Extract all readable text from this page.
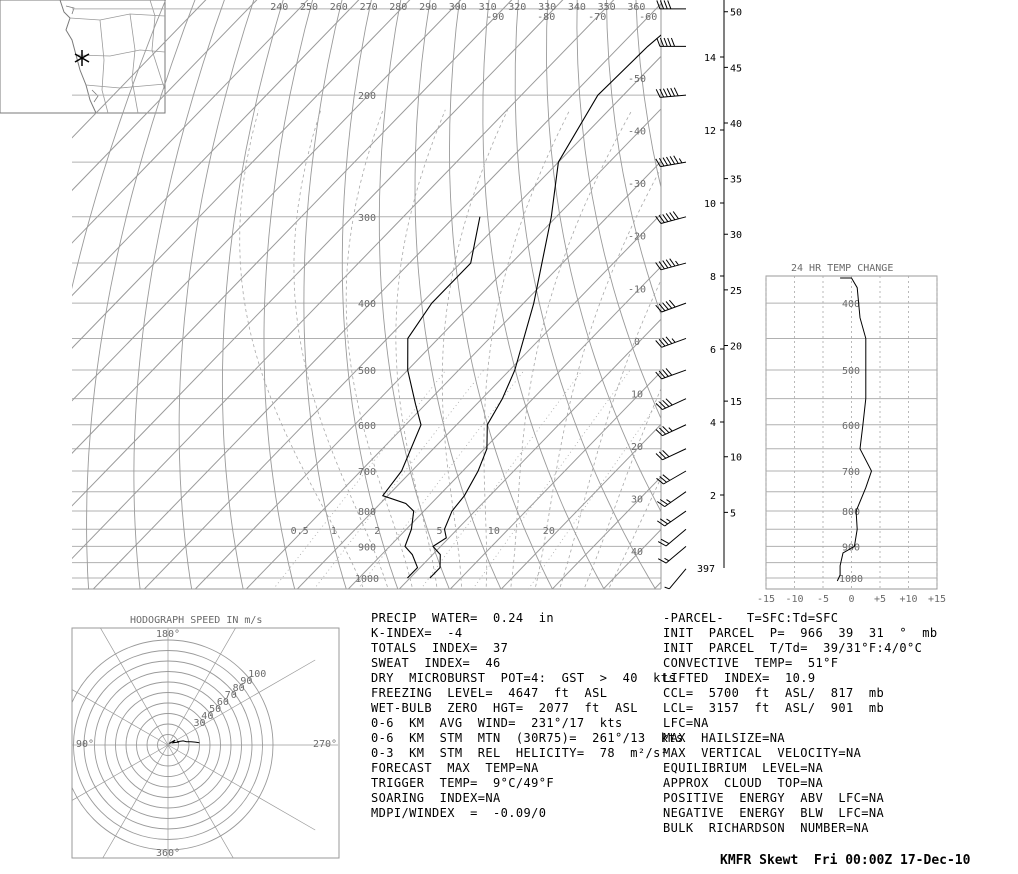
-90	-80	-70	-60
-50
-40
-30
-20
-10
0
10
20
30
40
200
300
400
500
600
700
800
900
1000
240 250 260 270 280 290 300 310 320 330 340 350 360
0.5 1	2	5	10	20
2
4
6
8
10
12
14
5
10
15
20
25
30
35
40
45
50
397
24 HR TEMP CHANGE
-15 -10 -5 0 +5 +10 +15
400
500
600
700
800
900
1000
HODOGRAPH SPEED IN m/s
30
40
50
60
70
80
90
100
180°
90°	270°
360°
PRECIP  WATER=  0.24  in
K-INDEX=  -4
TOTALS  INDEX=  37
SWEAT  INDEX=  46
DRY  MICROBURST  POT=4:  GST  >  40  kts
FREEZING  LEVEL=  4647  ft  ASL
WET-BULB  ZERO  HGT=  2077  ft  ASL
0-6  KM  AVG  WIND=  231°/17  kts
0-6  KM  STM  MTN  (30R75)=  261°/13  kts
0-3  KM  STM  REL  HELICITY=  78  m²/s²
FORECAST  MAX  TEMP=NA
TRIGGER  TEMP=  9°C/49°F
SOARING  INDEX=NA
MDPI/WINDEX  =  -0.09/0
-PARCEL-   T=SFC:Td=SFC
INIT  PARCEL  P=  966  39  31  °  mb
INIT  PARCEL  T/Td=  39/31°F:4/0°C
CONVECTIVE  TEMP=  51°F
LIFTED  INDEX=  10.9
CCL=  5700  ft  ASL/  817  mb
LCL=  3157  ft  ASL/  901  mb
LFC=NA
MAX  HAILSIZE=NA
MAX  VERTICAL  VELOCITY=NA
EQUILIBRIUM  LEVEL=NA
APPROX  CLOUD  TOP=NA
POSITIVE  ENERGY  ABV  LFC=NA
NEGATIVE  ENERGY  BLW  LFC=NA
BULK  RICHARDSON  NUMBER=NA
KMFR Skewt  Fri 00:00Z 17-Dec-10
